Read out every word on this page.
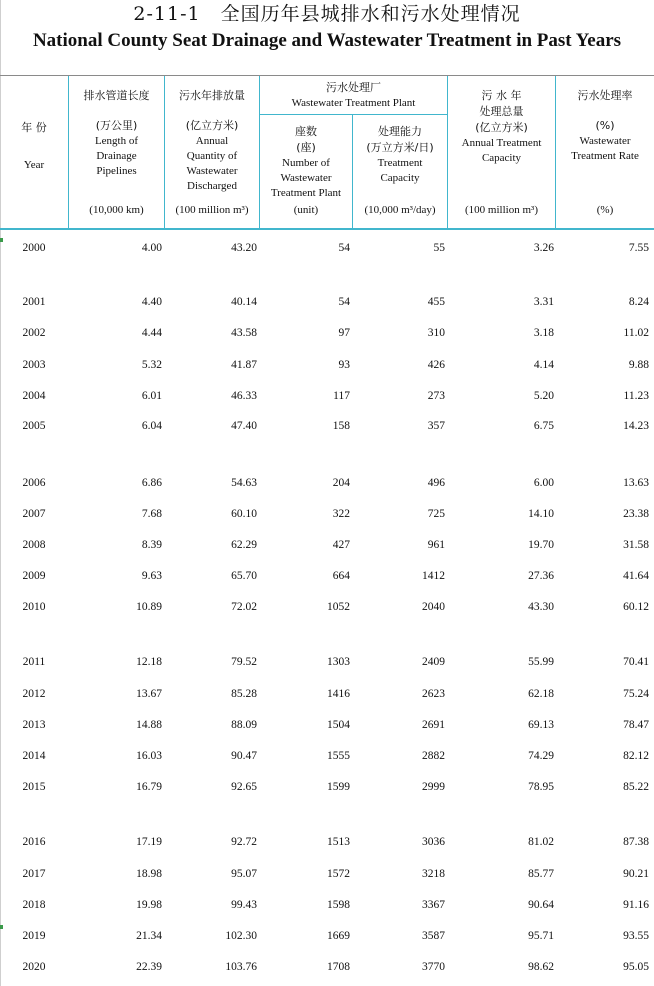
2-11-1　全国历年县城排水和污水处理情况
National County Seat Drainage and Wastewater Treatment in Past Years
年 份
Year
排水管道长度
(万公里)
Length of
Drainage
Pipelines
(10,000 km)
污水年排放量
(亿立方米)
Annual
Quantity of
Wastewater
Discharged
(100 million m³)
污水处理厂
Wastewater Treatment Plant
座数
(座)
Number of
Wastewater
Treatment Plant
(unit)
处理能力
(万立方米/日)
Treatment
Capacity
(10,000 m³/day)
污 水 年
处理总量
(亿立方米)
Annual Treatment
Capacity
(100 million m³)
污水处理率
(%)
Wastewater
Treatment Rate
(%)
2000	4.00	43.20	54	55	3.26	7.55
2001	4.40	40.14	54	455	3.31	8.24
2002	4.44	43.58	97	310	3.18	11.02
2003	5.32	41.87	93	426	4.14	9.88
2004	6.01	46.33	117	273	5.20	11.23
2005	6.04	47.40	158	357	6.75	14.23
2006	6.86	54.63	204	496	6.00	13.63
2007	7.68	60.10	322	725	14.10	23.38
2008	8.39	62.29	427	961	19.70	31.58
2009	9.63	65.70	664	1412	27.36	41.64
2010	10.89	72.02	1052	2040	43.30	60.12
2011	12.18	79.52	1303	2409	55.99	70.41
2012	13.67	85.28	1416	2623	62.18	75.24
2013	14.88	88.09	1504	2691	69.13	78.47
2014	16.03	90.47	1555	2882	74.29	82.12
2015	16.79	92.65	1599	2999	78.95	85.22
2016	17.19	92.72	1513	3036	81.02	87.38
2017	18.98	95.07	1572	3218	85.77	90.21
2018	19.98	99.43	1598	3367	90.64	91.16
2019	21.34	102.30	1669	3587	95.71	93.55
2020	22.39	103.76	1708	3770	98.62	95.05
